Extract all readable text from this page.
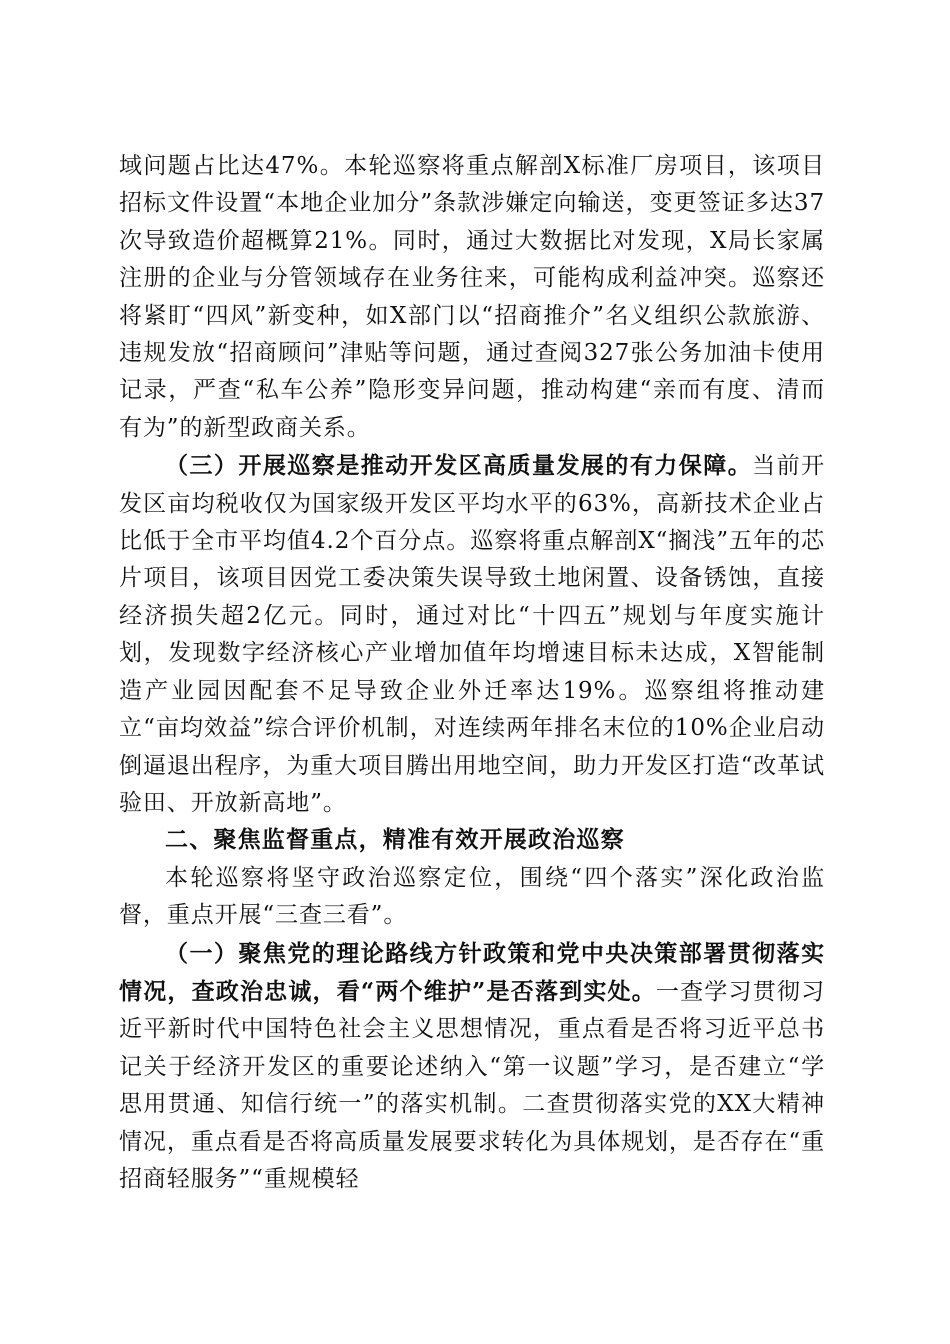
域问题占比达47%。本轮巡察将重点解剖X标准厂房项目，该项目招标文件设置“本地企业加分”条款涉嫌定向输送，变更签证多达37次导致造价超概算21%。同时，通过大数据比对发现，X局长家属注册的企业与分管领域存在业务往来，可能构成利益冲突。巡察还将紧盯“四风”新变种，如X部门以“招商推介”名义组织公款旅游、违规发放“招商顾问”津贴等问题，通过查阅327张公务加油卡使用记录，严查“私车公养”隐形变异问题，推动构建“亲而有度、清而有为”的新型政商关系。

（三）开展巡察是推动开发区高质量发展的有力保障。当前开发区亩均税收仅为国家级开发区平均水平的63%，高新技术企业占比低于全市平均值4.2个百分点。巡察将重点解剖X“搁浅”五年的芯片项目，该项目因党工委决策失误导致土地闲置、设备锈蚀，直接经济损失超2亿元。同时，通过对比“十四五”规划与年度实施计划，发现数字经济核心产业增加值年均增速目标未达成，X智能制造产业园因配套不足导致企业外迁率达19%。巡察组将推动建立“亩均效益”综合评价机制，对连续两年排名末位的10%企业启动倒逼退出程序，为重大项目腾出用地空间，助力开发区打造“改革试验田、开放新高地”。

二、聚焦监督重点，精准有效开展政治巡察

本轮巡察将坚守政治巡察定位，围绕“四个落实”深化政治监督，重点开展“三查三看”。

（一）聚焦党的理论路线方针政策和党中央决策部署贯彻落实情况，查政治忠诚，看“两个维护”是否落到实处。一查学习贯彻习近平新时代中国特色社会主义思想情况，重点看是否将习近平总书记关于经济开发区的重要论述纳入“第一议题”学习，是否建立“学思用贯通、知信行统一”的落实机制。二查贯彻落实党的XX大精神情况，重点看是否将高质量发展要求转化为具体规划，是否存在“重招商轻服务”“重规模轻
